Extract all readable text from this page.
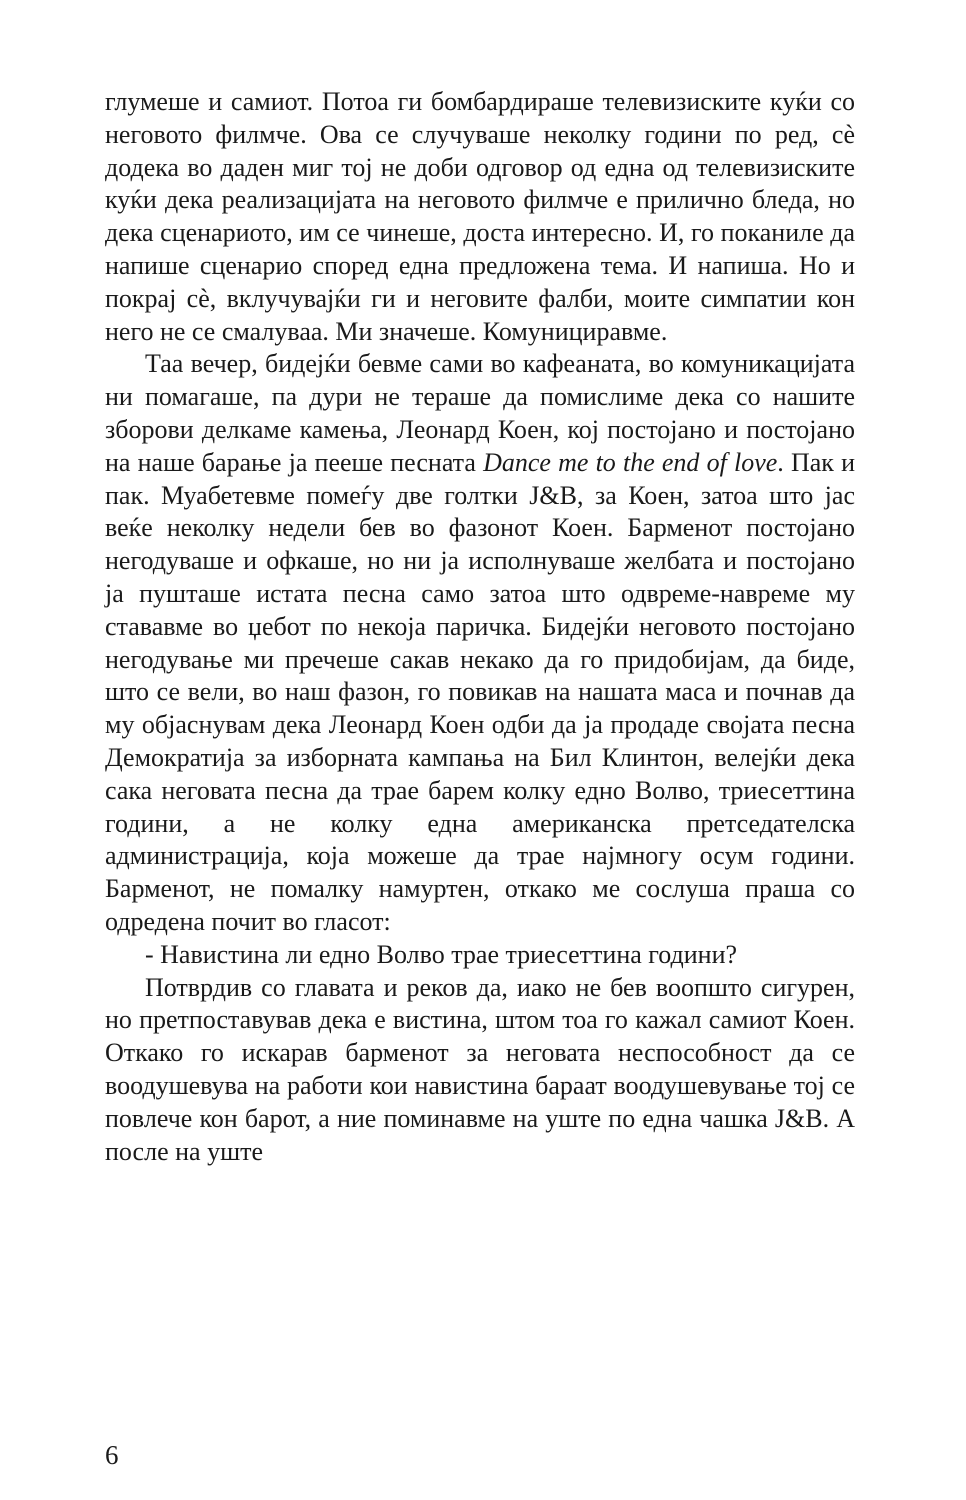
глумеше и самиот. Потоа ги бомбардираше телевизиските куќи со неговото филмче. Ова се случуваше неколку години по ред, сè додека во даден миг тој не доби одговор од една од телевизиските куќи дека реализацијата на неговото филмче е прилично бледа, но дека сценариото, им се чинеше, доста интересно. И, го поканиле да напише сценарио според една предложена тема. И напиша. Но и покрај сè, вклучувајќи ги и неговите фалби, моите симпатии кон него не се смалуваа. Ми значеше. Комунициравме.

Таа вечер, бидејќи бевме сами во кафеаната, во комуникацијата ни помагаше, па дури не тераше да помислиме дека со нашите зборови делкаме камења, Леонард Коен, кој постојано и постојано на наше барање ја пееше песната Dance me to the end of love. Пак и пак. Муабетевме помеѓу две голтки J&B, за Коен, затоа што јас веќе неколку недели бев во фазонот Коен. Барменот постојано негодуваше и офкаше, но ни ја исполнуваше желбата и постојано ја пушташе истата песна само затоа што одвреме-навреме му стававме во џебот по некоја паричка. Бидејќи неговото постојано негодување ми пречеше сакав некако да го придобијам, да биде, што се вели, во наш фазон, го повикав на нашата маса и почнав да му објаснувам дека Леонард Коен одби да ја продаде својата песна Демократија за изборната кампања на Бил Клинтон, велејќи дека сака неговата песна да трае барем колку едно Волво, триесеттина години, а не колку една американска претседателска администрација, која можеше да трае најмногу осум години. Барменот, не помалку намуртен, откако ме сослуша праша со одредена почит во гласот:

- Навистина ли едно Волво трае триесеттина години?

Потврдив со главата и реков да, иако не бев воопшто сигурен, но претпоставував дека е вистина, штом тоа го кажал самиот Коен. Откако го искарав барменот за неговата неспособност да се воодушевува на работи кои навистина бараат воодушевување тој се повлече кон барот, а ние поминавме на уште по една чашка J&B. А после на уште

6
